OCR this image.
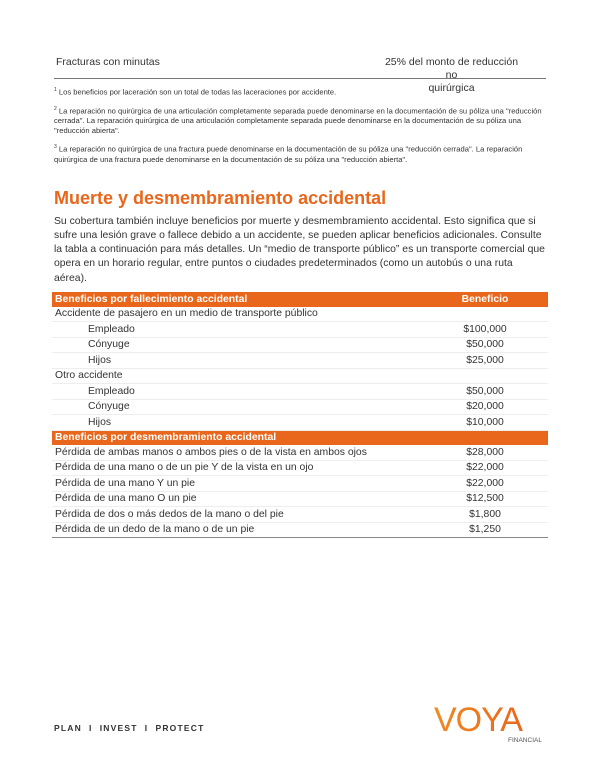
Fracturas con minutas	25% del monto de reducción no
quirúrgica
$^1$ Los beneficios por laceración son un total de todas las laceraciones por accidente.
$^2$ La reparación no quirúrgica de una articulación completamente separada puede denominarse en la documentación de su póliza una "reducción cerrada". La reparación quirúrgica de una articulación completamente separada puede denominarse en la documentación de su póliza una "reducción abierta".
$^3$ La reparación no quirúrgica de una fractura puede denominarse en la documentación de su póliza una "reducción cerrada". La reparación quirúrgica de una fractura puede denominarse en la documentación de su póliza una "reducción abierta".
Muerte y desmembramiento accidental

Su cobertura también incluye beneficios por muerte y desmembramiento accidental. Esto significa que si sufre una lesión grave o fallece debido a un accidente, se pueden aplicar beneficios adicionales. Consulte la tabla a continuación para más detalles. Un “medio de transporte público” es un transporte comercial que opera en un horario regular, entre puntos o ciudades predeterminados (como un autobús o una ruta aérea).

Beneficios por fallecimiento accidental	Beneficio
Accidente de pasajero en un medio de transporte público	
Empleado	$100,000
Cónyuge	$50,000
Hijos	$25,000
Otro accidente	
Empleado	$50,000
Cónyuge	$20,000
Hijos	$10,000
Beneficios por desmembramiento accidental	
Pérdida de ambas manos o ambos pies o de la vista en ambos ojos	$28,000
Pérdida de una mano o de un pie Y de la vista en un ojo	$22,000
Pérdida de una mano Y un pie	$22,000
Pérdida de una mano O un pie	$12,500
Pérdida de dos o más dedos de la mano o del pie	$1,800
Pérdida de un dedo de la mano o de un pie	$1,250
PLAN  I  INVEST  I  PROTECT	VOYA
FINANCIAL
